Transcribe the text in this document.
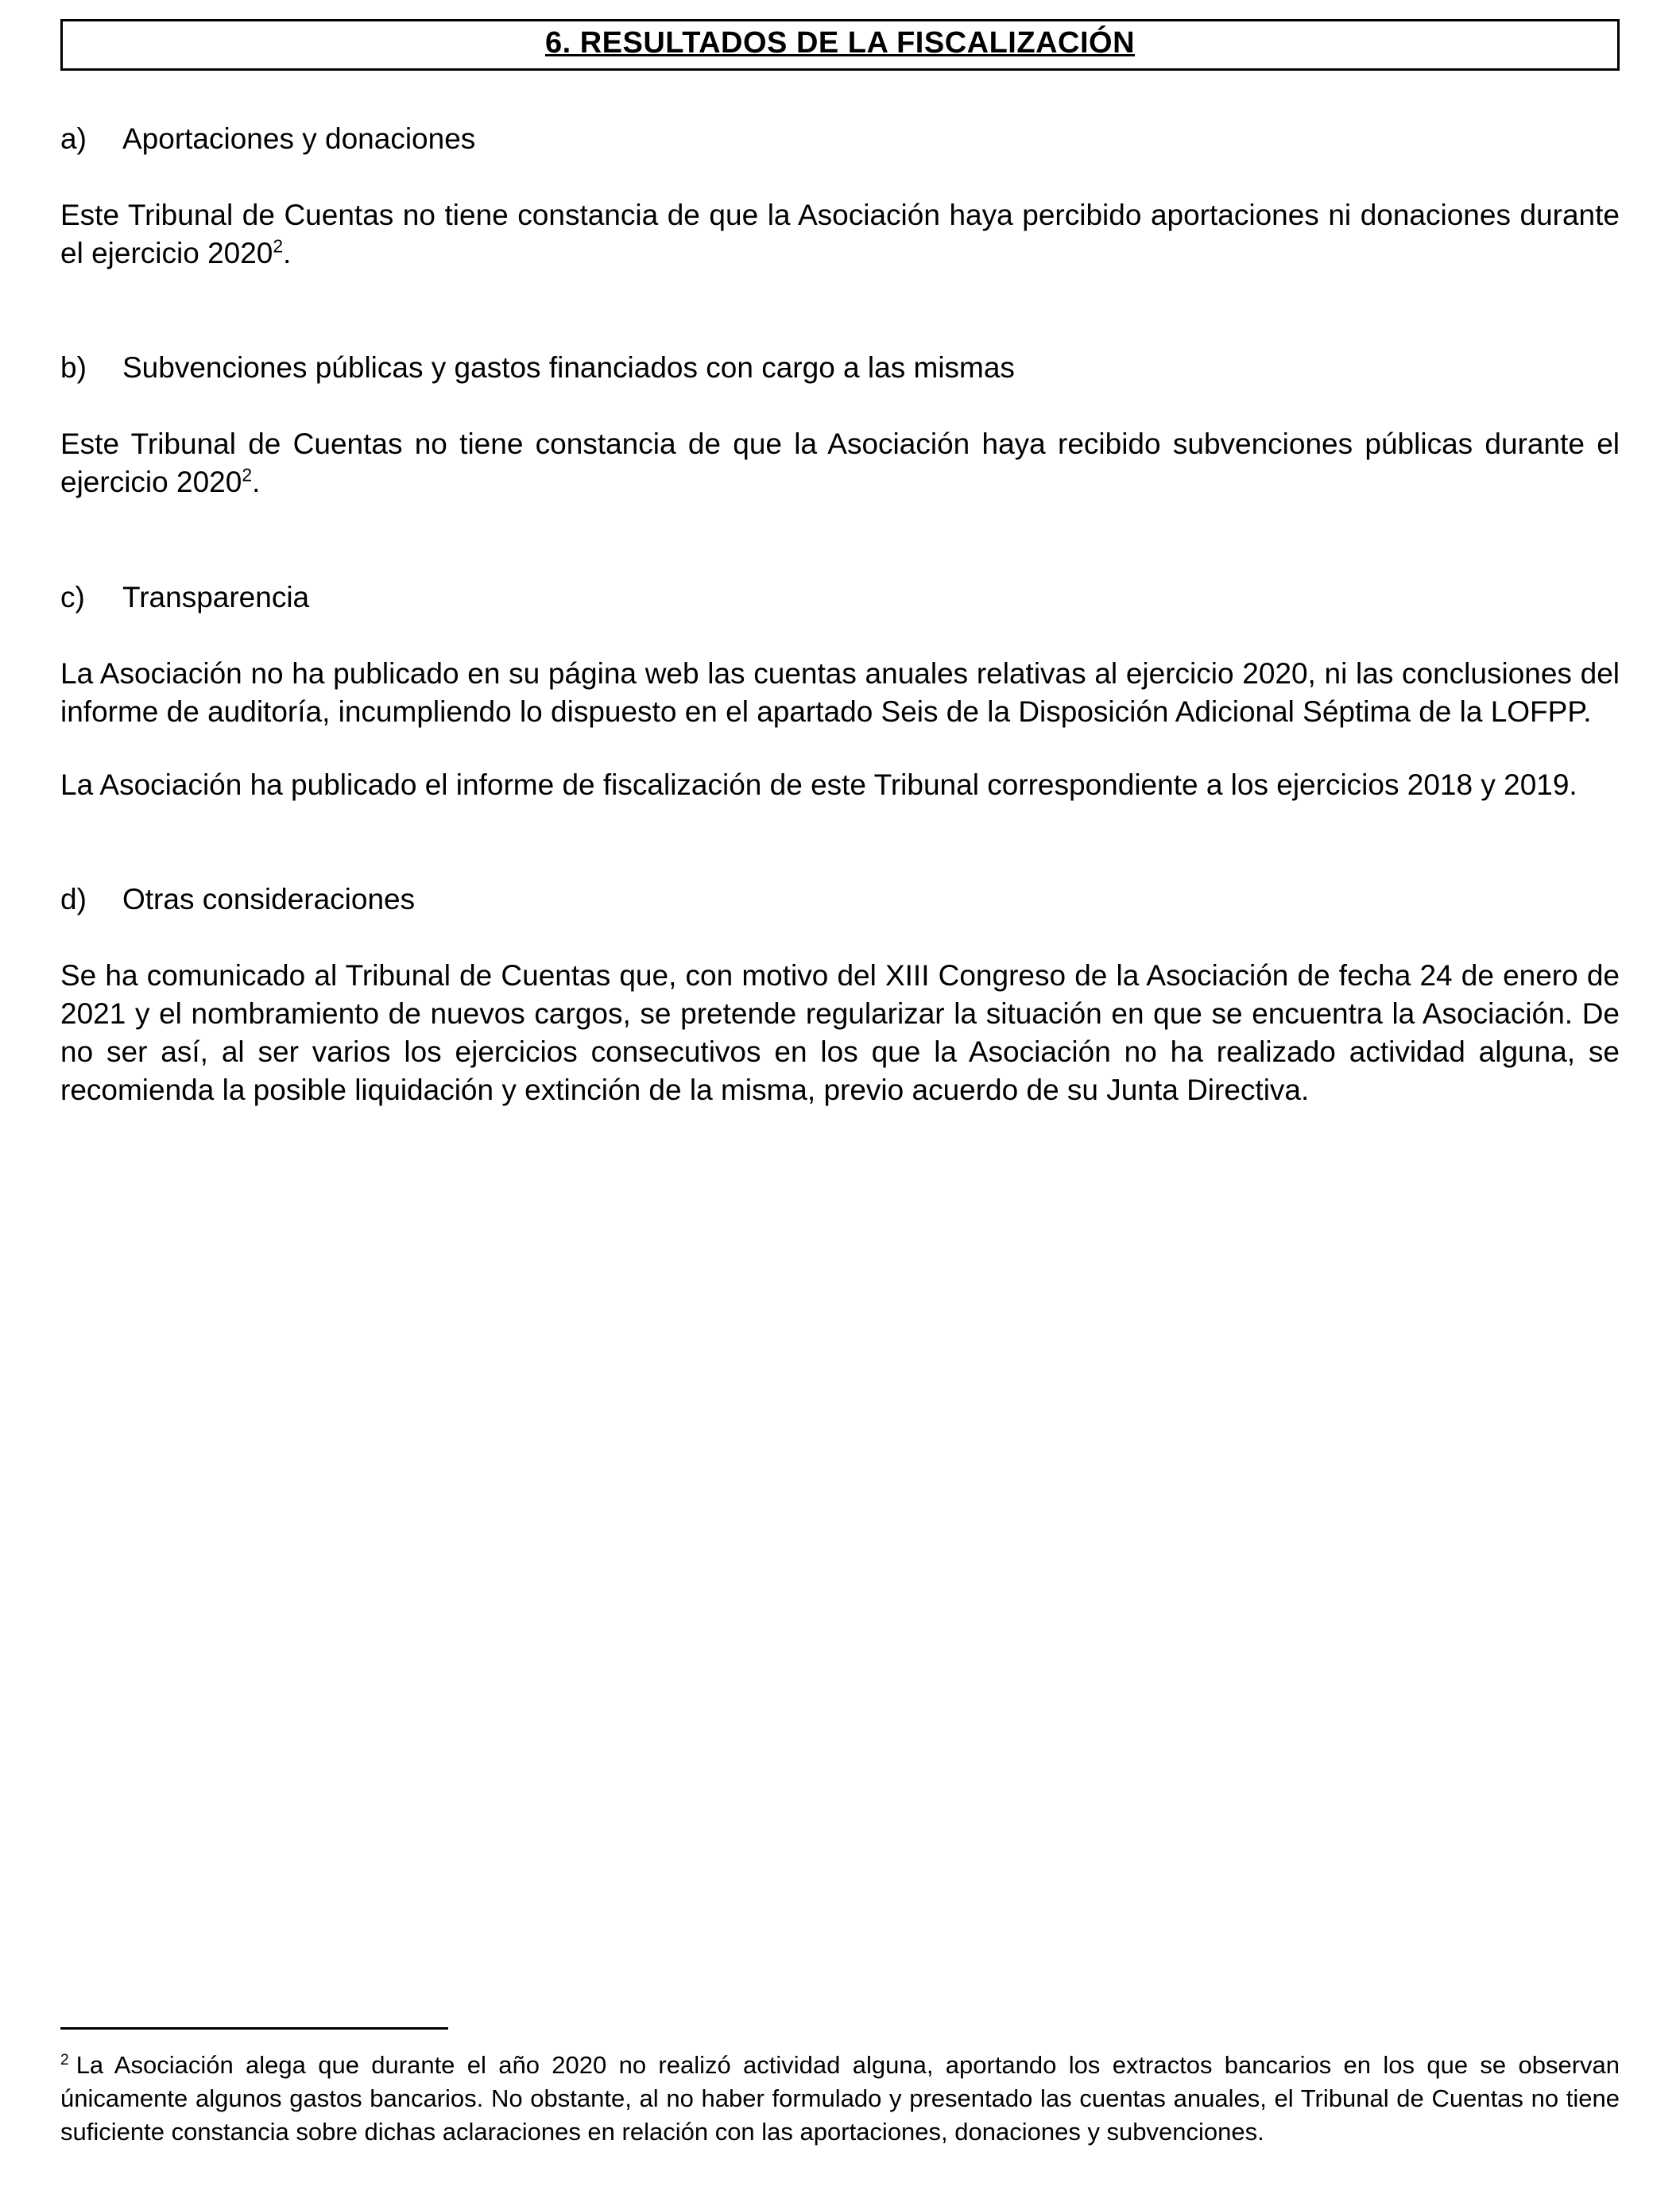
6. RESULTADOS DE LA FISCALIZACIÓN
a)	Aportaciones y donaciones

Este Tribunal de Cuentas no tiene constancia de que la Asociación haya percibido aportaciones ni donaciones durante el ejercicio 2020$^2$.

b)	Subvenciones públicas y gastos financiados con cargo a las mismas

Este Tribunal de Cuentas no tiene constancia de que la Asociación haya recibido subvenciones públicas durante el ejercicio 2020$^2$.

c)	Transparencia

La Asociación no ha publicado en su página web las cuentas anuales relativas al ejercicio 2020, ni las conclusiones del informe de auditoría, incumpliendo lo dispuesto en el apartado Seis de la Disposición Adicional Séptima de la LOFPP.

La Asociación ha publicado el informe de fiscalización de este Tribunal correspondiente a los ejercicios 2018 y 2019.

d)	Otras consideraciones

Se ha comunicado al Tribunal de Cuentas que, con motivo del XIII Congreso de la Asociación de fecha 24 de enero de 2021 y el nombramiento de nuevos cargos, se pretende regularizar la situación en que se encuentra la Asociación. De no ser así, al ser varios los ejercicios consecutivos en los que la Asociación no ha realizado actividad alguna, se recomienda la posible liquidación y extinción de la misma, previo acuerdo de su Junta Directiva.

$^2$ La Asociación alega que durante el año 2020 no realizó actividad alguna, aportando los extractos bancarios en los que se observan únicamente algunos gastos bancarios. No obstante, al no haber formulado y presentado las cuentas anuales, el Tribunal de Cuentas no tiene suficiente constancia sobre dichas aclaraciones en relación con las aportaciones, donaciones y subvenciones.
